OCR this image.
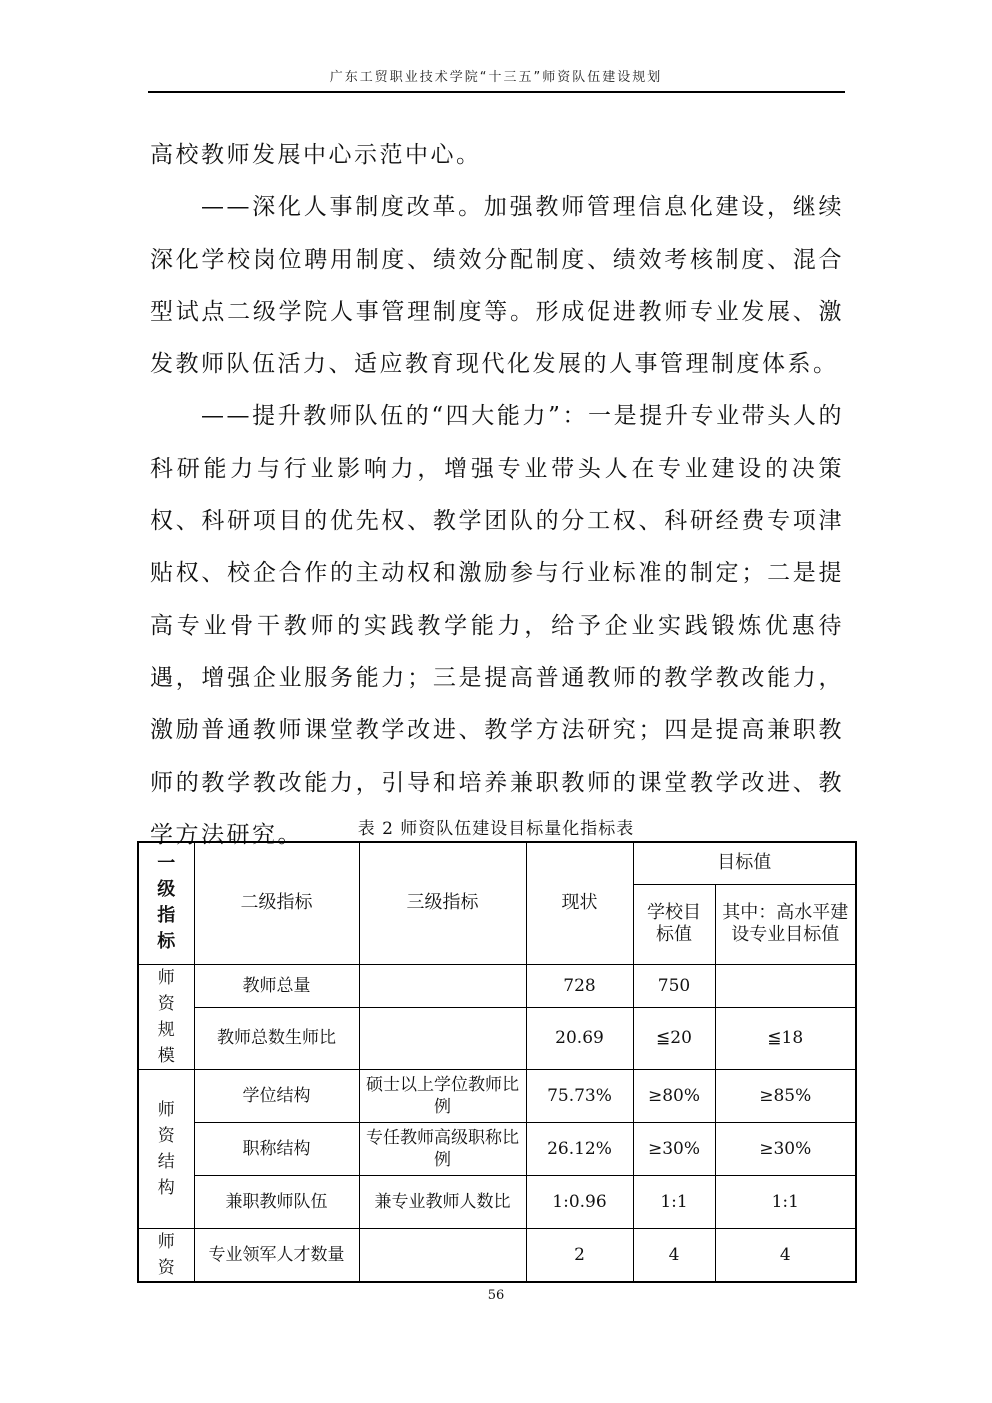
广东工贸职业技术学院“十三五”师资队伍建设规划

高校教师发展中心示范中心。

——深化人事制度改革。加强教师管理信息化建设，继续深化学校岗位聘用制度、绩效分配制度、绩效考核制度、混合型试点二级学院人事管理制度等。形成促进教师专业发展、激发教师队伍活力、适应教育现代化发展的人事管理制度体系。

——提升教师队伍的“四大能力”：一是提升专业带头人的科研能力与行业影响力，增强专业带头人在专业建设的决策权、科研项目的优先权、教学团队的分工权、科研经费专项津贴权、校企合作的主动权和激励参与行业标准的制定；二是提高专业骨干教师的实践教学能力，给予企业实践锻炼优惠待遇，增强企业服务能力；三是提高普通教师的教学教改能力，激励普通教师课堂教学改进、教学方法研究；四是提高兼职教师的教学教改能力，引导和培养兼职教师的课堂教学改进、教学方法研究。	表 2 师资队伍建设目标量化指标表
一级指标	二级指标	三级指标	现状	目标值	
				学校目标值	其中：高水平建设专业目标值
师资规模	教师总量		728	750	
	教师总数生师比		20.69	≦20	≦18
师资结构	学位结构	硕士以上学位教师比例	75.73%	≥80%	≥85%
	职称结构	专任教师高级职称比例	26.12%	≥30%	≥30%
	兼职教师队伍	兼专业教师人数比	1:0.96	1:1	1:1
师资	专业领军人才数量		2	4	4
56
